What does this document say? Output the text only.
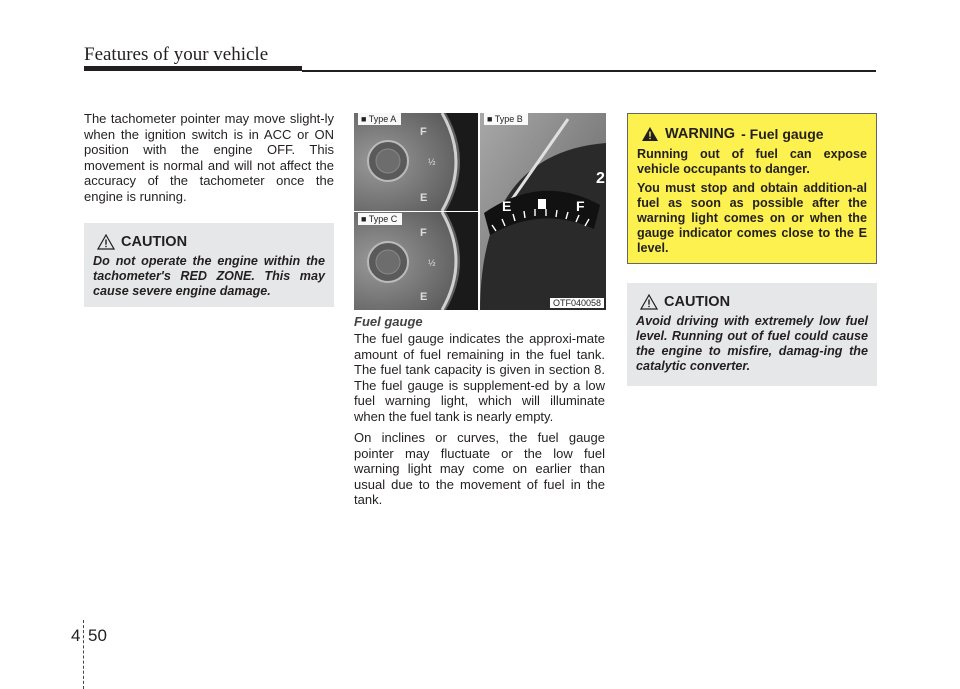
Features of your vehicle

The tachometer pointer may move slight-ly when the ignition switch is in ACC or ON position with the engine OFF. This movement is normal and will not affect the accuracy of the tachometer once the engine is running.

CAUTION
Do not operate the engine within the tachometer's RED ZONE. This may cause severe engine damage.
F
½
E
■ Type A
F
½
E
■ Type C
E	F
2
■ Type B
OTF040058
Fuel gauge

The fuel gauge indicates the approxi-mate amount of fuel remaining in the fuel tank. The fuel tank capacity is given in section 8. The fuel gauge is supplement-ed by a low fuel warning light, which will illuminate when the fuel tank is nearly empty.

On inclines or curves, the fuel gauge pointer may fluctuate or the low fuel warning light may come on earlier than usual due to the movement of fuel in the tank.

WARNING - Fuel gauge

Running out of fuel can expose vehicle occupants to danger.

You must stop and obtain addition-al fuel as soon as possible after the warning light comes on or when the gauge indicator comes close to the E level.

CAUTION
Avoid driving with extremely low fuel level. Running out of fuel could cause the engine to misfire, damag-ing the catalytic converter.
4 50
